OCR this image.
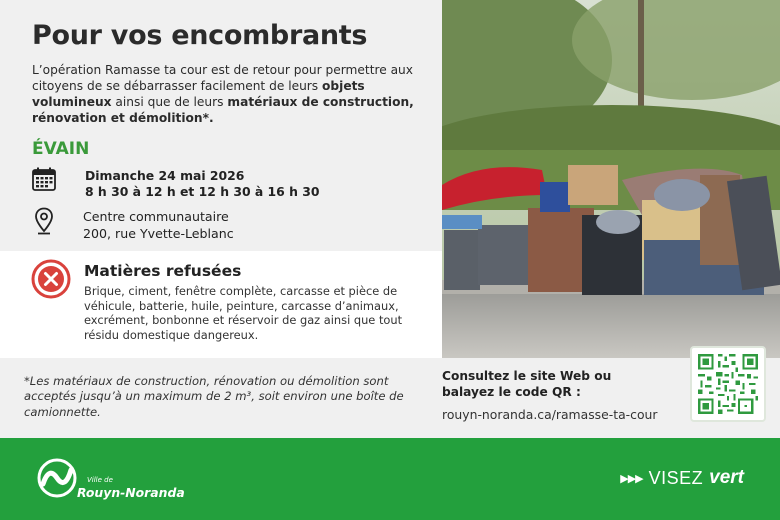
Pour vos encombrants

L’opération Ramasse ta cour est de retour pour permettre aux citoyens de se débarrasser facilement de leurs objets volumineux ainsi que de leurs matériaux de construction, rénovation et démolition*.

ÉVAIN
Dimanche 24 mai 2026
8 h 30 à 12 h et 12 h 30 à 16 h 30
Centre communautaire
200, rue Yvette-Leblanc
Matières refusées

Brique, ciment, fenêtre complète, carcasse et pièce de véhicule, batterie, huile, peinture, carcasse d’animaux, excrément, bonbonne et réservoir de gaz ainsi que tout résidu domestique dangereux.

*Les matériaux de construction, rénovation ou démolition sont acceptés jusqu’à un maximum de 2 m³, soit environ une boîte de camionnette.

Consultez le site Web ou balayez le code QR :

rouyn-noranda.ca/ramasse-ta-cour
Ville de
Rouyn-Noranda
▶▶▶ VISEZ vert
